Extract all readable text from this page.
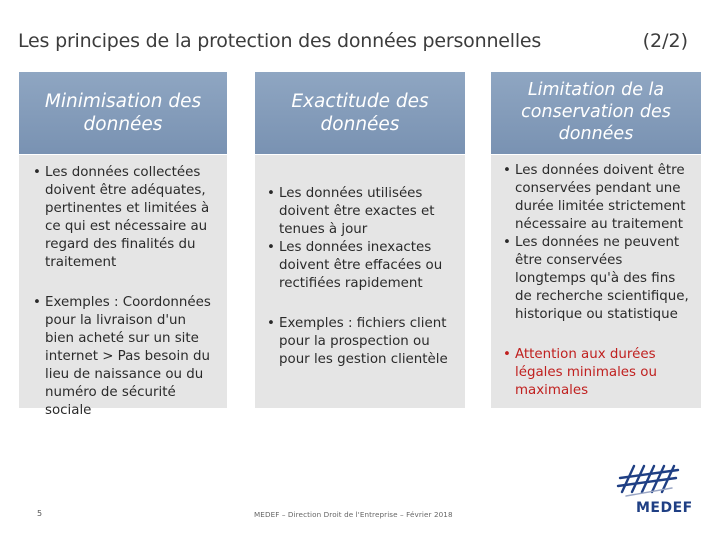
Les principes de la protection des données personnelles	(2/2)
Minimisation des
données
• Les données collectées doivent être adéquates, pertinentes et limitées à ce qui est nécessaire au regard des finalités du traitement
• Exemples : Coordonnées pour la livraison d'un bien acheté sur un site internet > Pas besoin du lieu de naissance ou du numéro de sécurité sociale
Exactitude des
données
• Les données utilisées doivent être exactes et tenues à jour
• Les données inexactes doivent être effacées ou rectifiées rapidement
• Exemples : fichiers client pour la prospection ou pour les gestion clientèle
Limitation de la
conservation des
données
• Les données doivent être conservées pendant une durée limitée strictement nécessaire au traitement
• Les données ne peuvent être conservées longtemps qu'à des fins de recherche scientifique, historique ou statistique
• Attention aux durées légales minimales ou maximales
5	MEDEF – Direction Droit de l'Entreprise – Février 2018	MEDEF
